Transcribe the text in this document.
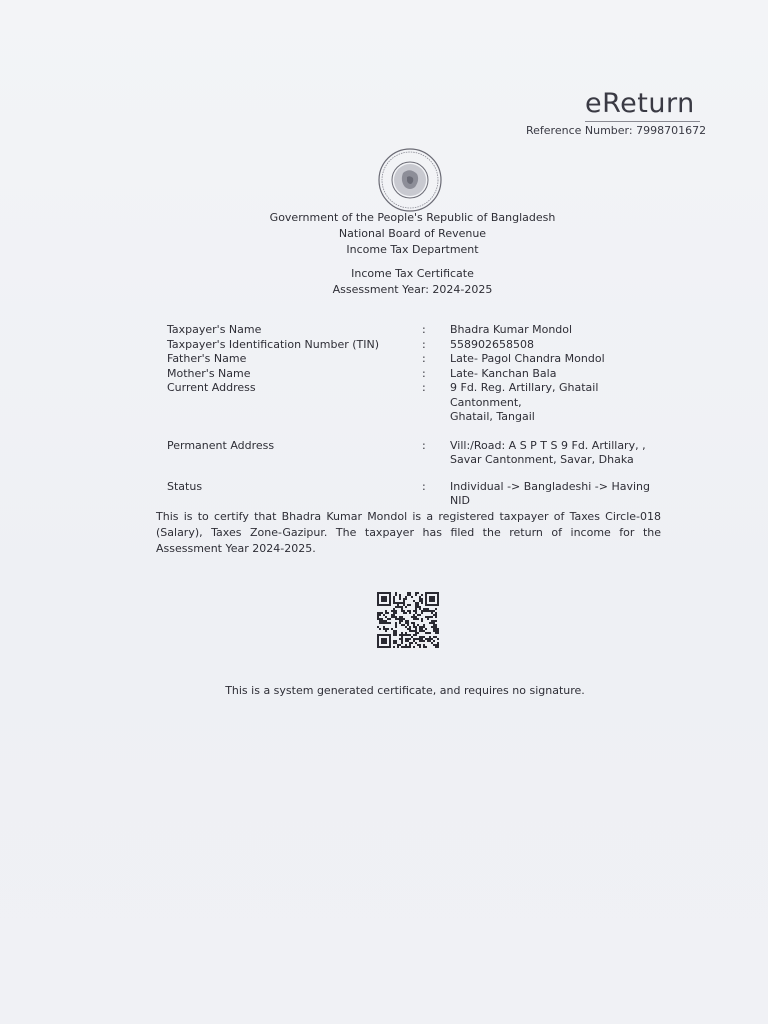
eReturn
Reference Number: 7998701672
Government of the People's Republic of Bangladesh
National Board of Revenue
Income Tax Department
Income Tax Certificate
Assessment Year: 2024-2025
Taxpayer's Name	:	Bhadra Kumar Mondol
Taxpayer's Identification Number (TIN)	:	558902658508
Father's Name	:	Late- Pagol Chandra Mondol
Mother's Name	:	Late- Kanchan Bala
Current Address	:	9 Fd. Reg. Artillary, Ghatail Cantonment,
Ghatail, Tangail
Permanent Address	:	Vill:/Road: A S P T S 9 Fd. Artillary, ,
Savar Cantonment, Savar, Dhaka
Status	:	Individual -> Bangladeshi -> Having
NID
This is to certify that Bhadra Kumar Mondol is a registered taxpayer of Taxes Circle-018 (Salary), Taxes Zone-Gazipur. The taxpayer has filed the return of income for the Assessment Year 2024-2025.
This is a system generated certificate, and requires no signature.
